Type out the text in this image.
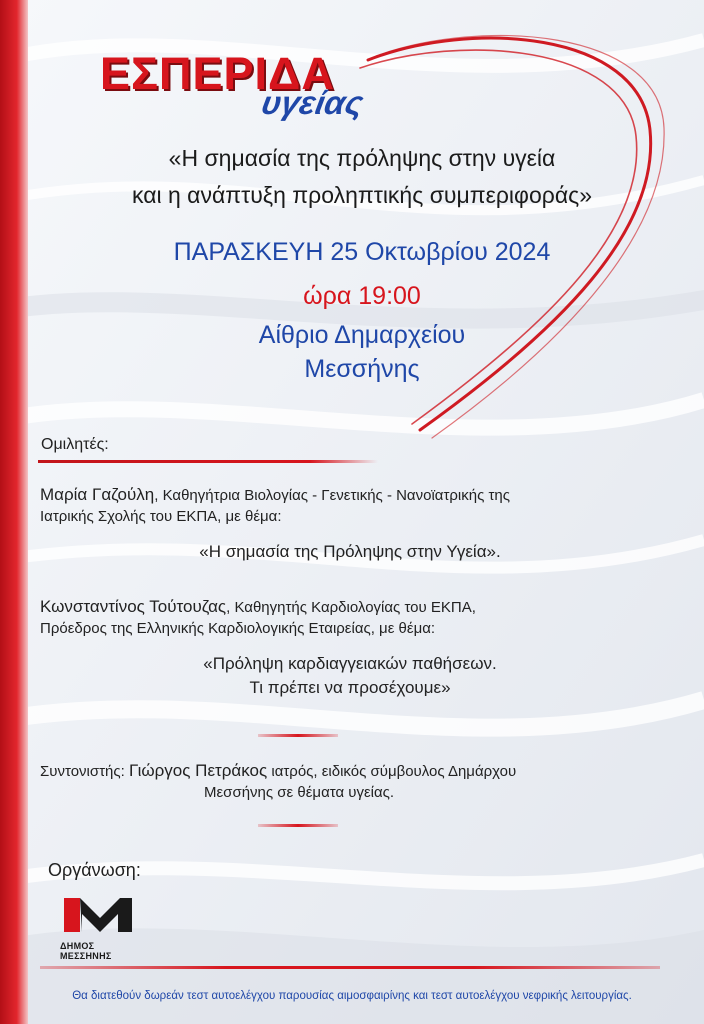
ΕΣΠΕΡΙΔΑ
υγείας
«Η σημασία της πρόληψης στην υγεία
και η ανάπτυξη προληπτικής συμπεριφοράς»
ΠΑΡΑΣΚΕΥΗ 25 Οκτωβρίου 2024
ώρα 19:00
Αίθριο Δημαρχείου
Μεσσήνης
Ομιλητές:
Μαρία Γαζούλη, Καθηγήτρια Βιολογίας - Γενετικής - Νανοϊατρικής της
Ιατρικής Σχολής του ΕΚΠΑ, με θέμα:
«Η σημασία της Πρόληψης στην Υγεία».
Κωνσταντίνος Τούτουζας, Καθηγητής Καρδιολογίας του ΕΚΠΑ,
Πρόεδρος της Ελληνικής Καρδιολογικής Εταιρείας, με θέμα:
«Πρόληψη καρδιαγγειακών παθήσεων.
Τι πρέπει να προσέχουμε»
Συντονιστής: Γιώργος Πετράκος ιατρός, ειδικός σύμβουλος Δημάρχου
Μεσσήνης σε θέματα υγείας.
Οργάνωση:
ΔΗΜΟΣ ΜΕΣΣΗΝΗΣ
Θα διατεθούν δωρεάν τεστ αυτοελέγχου παρουσίας αιμοσφαιρίνης και τεστ αυτοελέγχου νεφρικής λειτουργίας.
